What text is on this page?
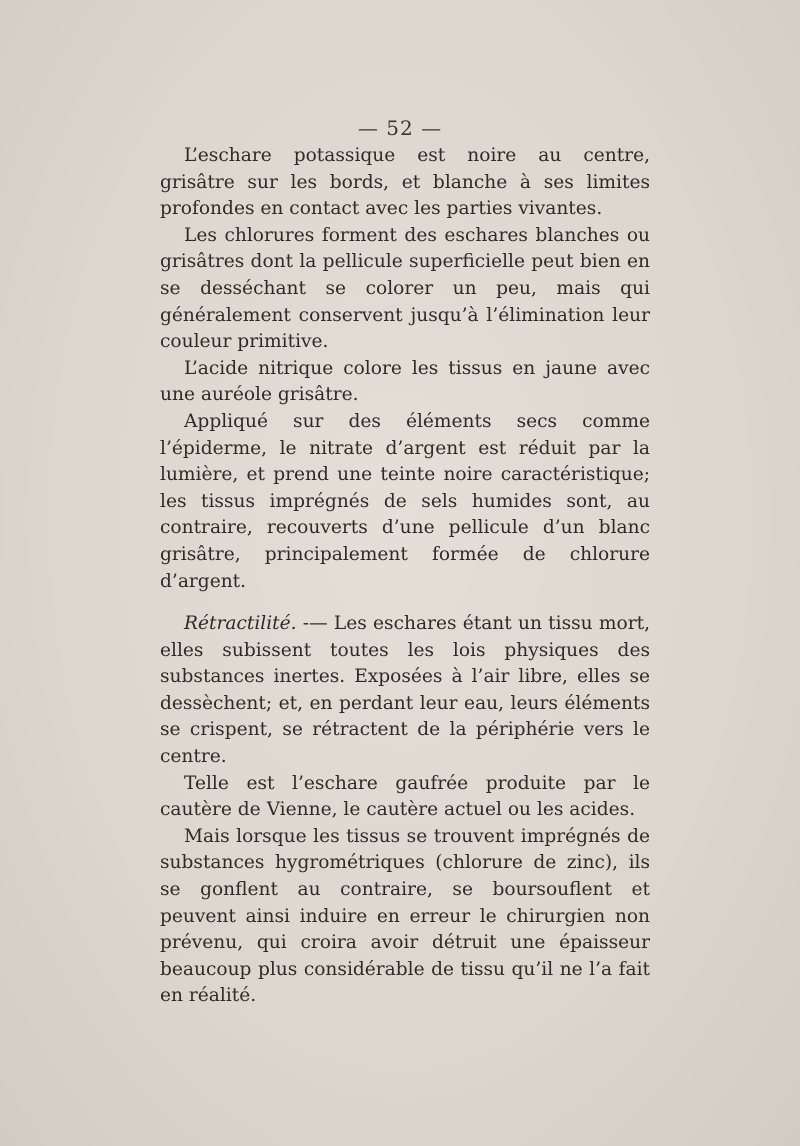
— 52 —

L’eschare potassique est noire au centre, grisâtre sur les bords, et blanche à ses limites profondes en contact avec les parties vivantes.

Les chlorures forment des eschares blanches ou grisâtres dont la pellicule superficielle peut bien en se desséchant se colorer un peu, mais qui généralement conservent jusqu’à l’élimination leur couleur primitive.

L’acide nitrique colore les tissus en jaune avec une auréole grisâtre.

Appliqué sur des éléments secs comme l’épiderme, le nitrate d’argent est réduit par la lumière, et prend une teinte noire caractéristique; les tissus imprégnés de sels humides sont, au contraire, recouverts d’une pellicule d’un blanc grisâtre, principalement formée de chlorure d’argent.

Rétractilité. -— Les eschares étant un tissu mort, elles subissent toutes les lois physiques des substances inertes. Exposées à l’air libre, elles se dessèchent; et, en perdant leur eau, leurs éléments se crispent, se rétractent de la périphérie vers le centre.

Telle est l’eschare gaufrée produite par le cautère de Vienne, le cautère actuel ou les acides.

Mais lorsque les tissus se trouvent imprégnés de substances hygrométriques (chlorure de zinc), ils se gonflent au contraire, se boursouflent et peuvent ainsi induire en erreur le chirurgien non prévenu, qui croira avoir détruit une épaisseur beaucoup plus considérable de tissu qu’il ne l’a fait en réalité.
